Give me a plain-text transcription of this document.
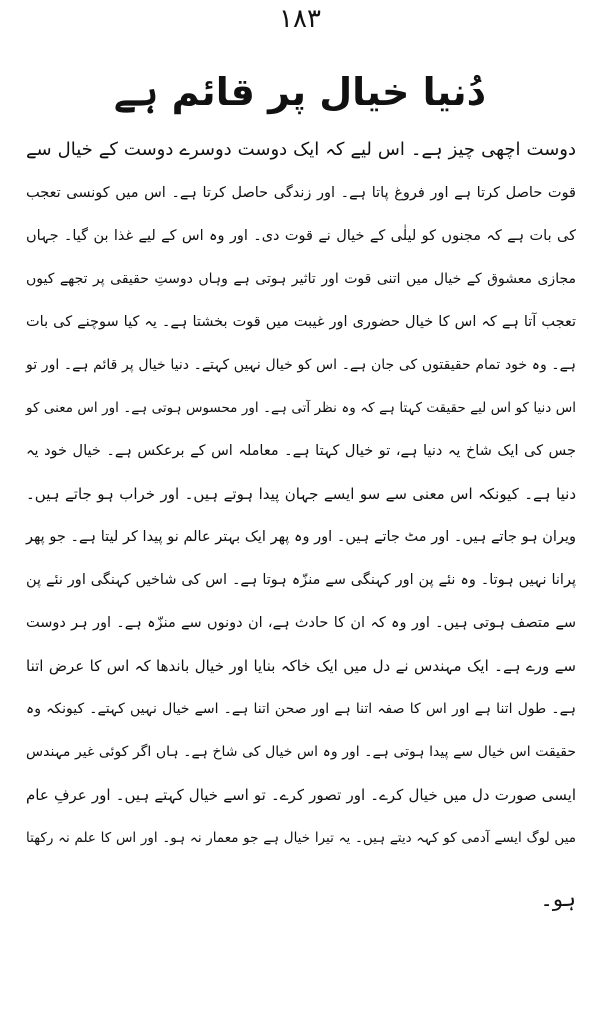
۱۸۳
دُنیا خیال پر قائم ہے
دوست اچھی چیز ہے۔ اس لیے کہ ایک دوست دوسرے دوست کے خیال سے
قوت حاصل کرتا ہے اور فروغ پاتا ہے۔ اور زندگی حاصل کرتا ہے۔ اس میں کونسی تعجب
کی بات ہے کہ مجنوں کو لیلٰی کے خیال نے قوت دی۔ اور وہ اس کے لیے غذا بن گیا۔ جہاں
مجازی معشوق کے خیال میں اتنی قوت اور تاثیر ہوتی ہے وہاں دوستِ حقیقی پر تجھے کیوں
تعجب آتا ہے کہ اس کا خیال حضوری اور غیبت میں قوت بخشتا ہے۔ یہ کیا سوچنے کی بات
ہے۔ وہ خود تمام حقیقتوں کی جان ہے۔ اس کو خیال نہیں کہتے۔ دنیا خیال پر قائم ہے۔ اور تو
اس دنیا کو اس لیے حقیقت کہتا ہے کہ وہ نظر آتی ہے۔ اور محسوس ہوتی ہے۔ اور اس معنی کو
جس کی ایک شاخ یہ دنیا ہے، تو خیال کہتا ہے۔ معاملہ اس کے برعکس ہے۔ خیال خود یہ
دنیا ہے۔ کیونکہ اس معنی سے سو ایسے جہان پیدا ہوتے ہیں۔ اور خراب ہو جاتے ہیں۔
ویران ہو جاتے ہیں۔ اور مٹ جاتے ہیں۔ اور وہ پھر ایک بہتر عالم نو پیدا کر لیتا ہے۔ جو پھر
پرانا نہیں ہوتا۔ وہ نئے پن اور کہنگی سے منزّہ ہوتا ہے۔ اس کی شاخیں کہنگی اور نئے پن
سے متصف ہوتی ہیں۔ اور وہ کہ ان کا حادث ہے، ان دونوں سے منزّہ ہے۔ اور ہر دوست
سے ورے ہے۔ ایک مہندس نے دل میں ایک خاکہ بنایا اور خیال باندھا کہ اس کا عرض اتنا
ہے۔ طول اتنا ہے اور اس کا صفہ اتنا ہے اور صحن اتنا ہے۔ اسے خیال نہیں کہتے۔ کیونکہ وہ
حقیقت اس خیال سے پیدا ہوتی ہے۔ اور وہ اس خیال کی شاخ ہے۔ ہاں اگر کوئی غیر مہندس
ایسی صورت دل میں خیال کرے۔ اور تصور کرے۔ تو اسے خیال کہتے ہیں۔ اور عرفِ عام
میں لوگ ایسے آدمی کو کہہ دیتے ہیں۔ یہ تیرا خیال ہے جو معمار نہ ہو۔ اور اس کا علم نہ رکھتا
ہو۔
